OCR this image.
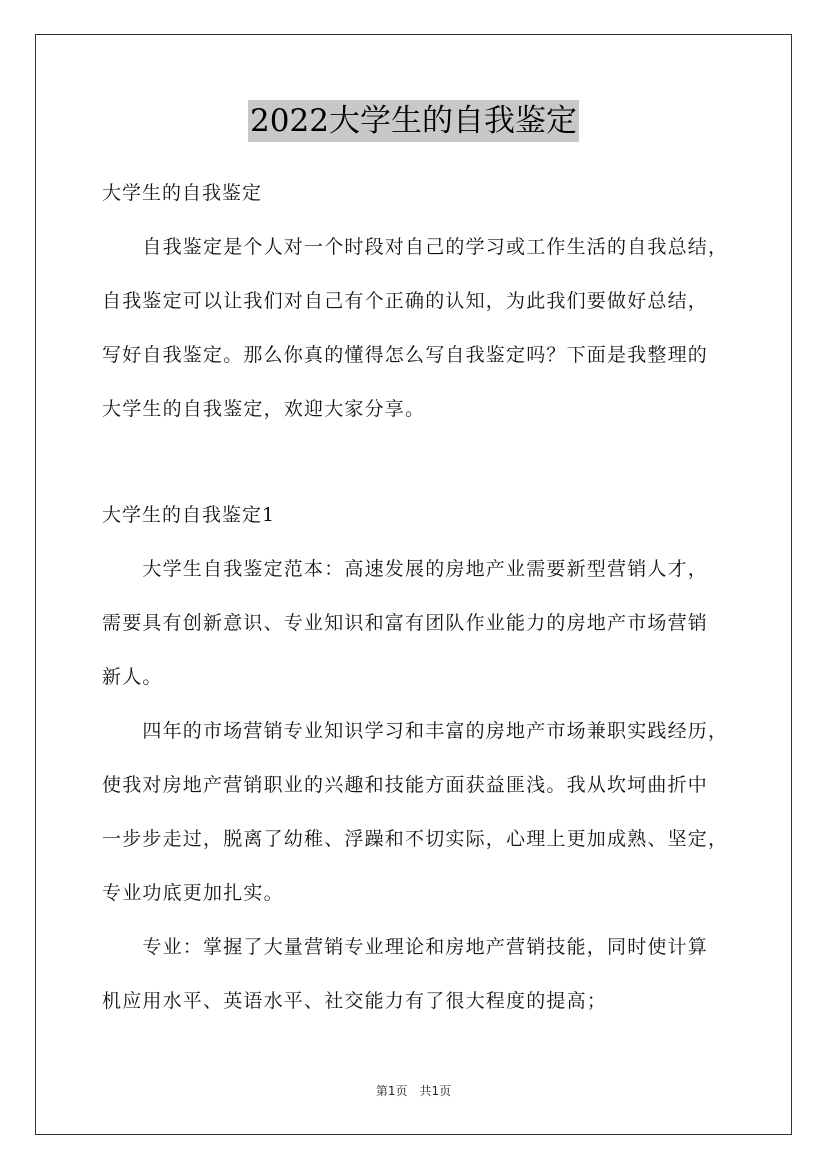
2022大学生的自我鉴定
大学生的自我鉴定
　　自我鉴定是个人对一个时段对自己的学习或工作生活的自我总结，
自我鉴定可以让我们对自己有个正确的认知，为此我们要做好总结，
写好自我鉴定。那么你真的懂得怎么写自我鉴定吗？下面是我整理的
大学生的自我鉴定，欢迎大家分享。
大学生的自我鉴定1
　　大学生自我鉴定范本：高速发展的房地产业需要新型营销人才，
需要具有创新意识、专业知识和富有团队作业能力的房地产市场营销
新人。
　　四年的市场营销专业知识学习和丰富的房地产市场兼职实践经历，
使我对房地产营销职业的兴趣和技能方面获益匪浅。我从坎坷曲折中
一步步走过，脱离了幼稚、浮躁和不切实际，心理上更加成熟、坚定，
专业功底更加扎实。
　　专业：掌握了大量营销专业理论和房地产营销技能，同时使计算
机应用水平、英语水平、社交能力有了很大程度的提高；
第1页　共1页
